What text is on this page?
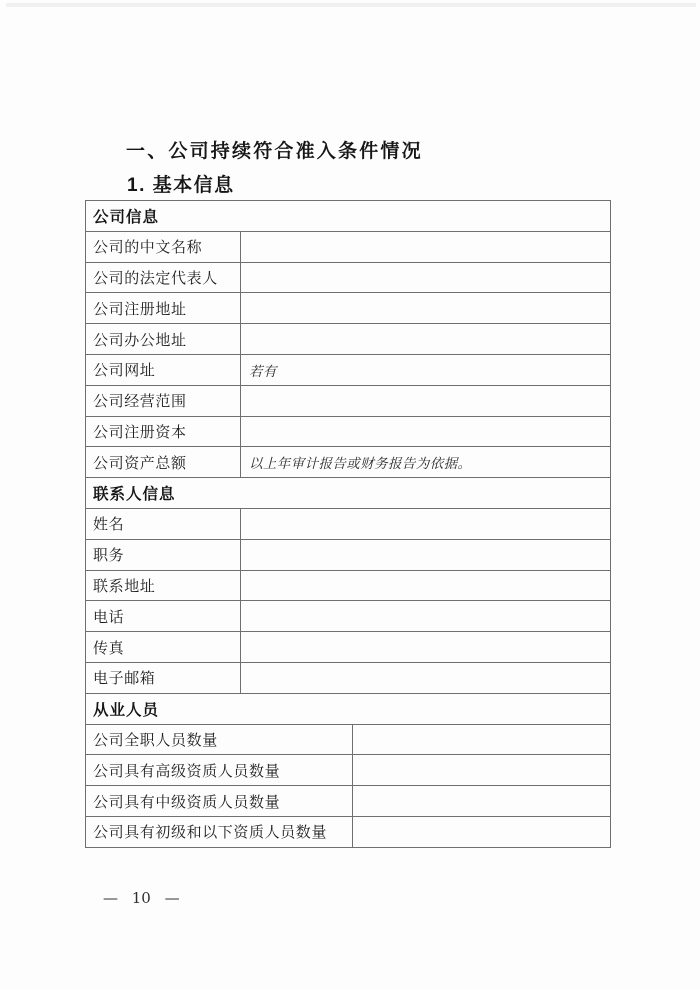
一、公司持续符合准入条件情况
1. 基本信息
公司信息	
公司的中文名称	
公司的法定代表人	
公司注册地址	
公司办公地址	
公司网址	若有
公司经营范围	
公司注册资本	
公司资产总额	以上年审计报告或财务报告为依据。
联系人信息	
姓名	
职务	
联系地址	
电话	
传真	
电子邮箱	
从业人员	
公司全职人员数量	
公司具有高级资质人员数量	
公司具有中级资质人员数量	
公司具有初级和以下资质人员数量	
— 10 —
